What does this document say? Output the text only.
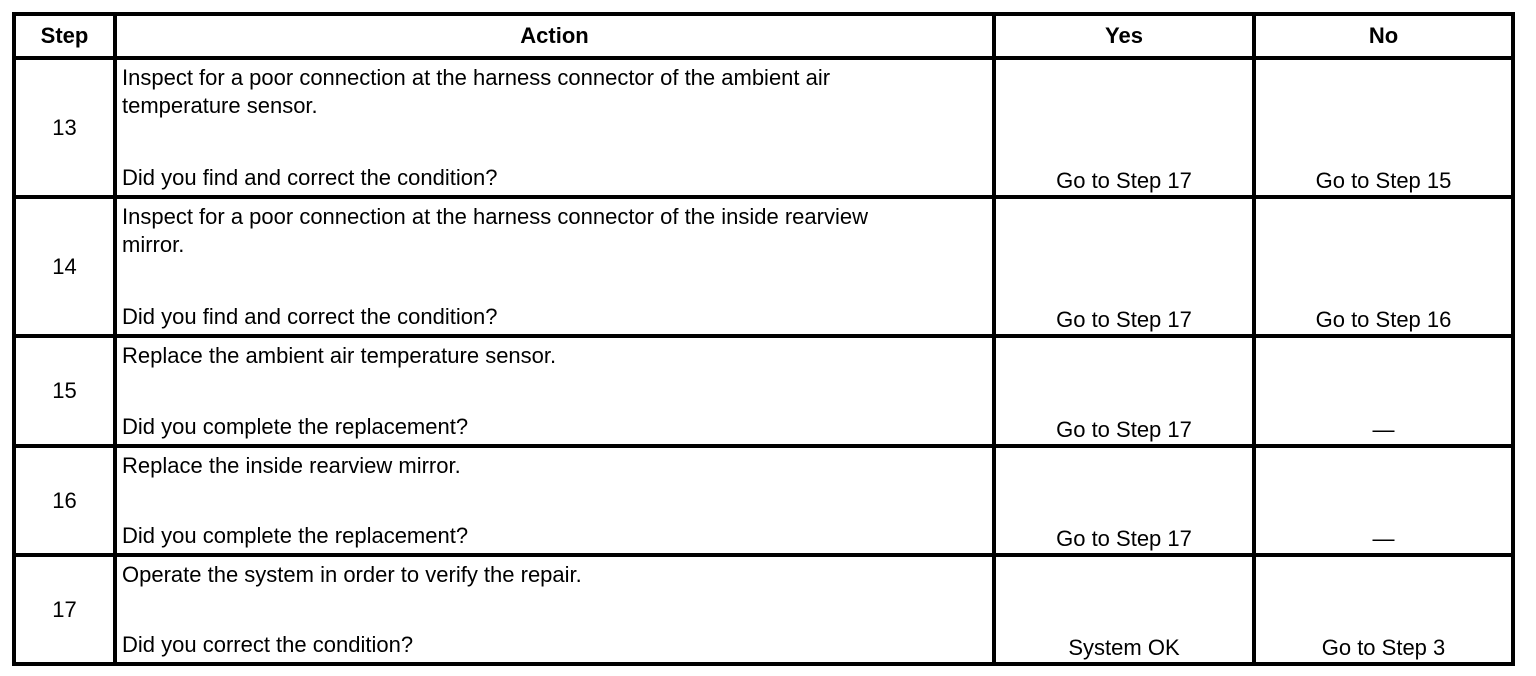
Step	Action	Yes	No
13	Inspect for a poor connection at the harness connector of the ambient air
temperature sensor.
Did you find and correct the condition?	Go to Step 17	Go to Step 15
14	Inspect for a poor connection at the harness connector of the inside rearview
mirror.
Did you find and correct the condition?	Go to Step 17	Go to Step 16
15	Replace the ambient air temperature sensor.
Did you complete the replacement?	Go to Step 17	—
16	Replace the inside rearview mirror.
Did you complete the replacement?	Go to Step 17	—
17	Operate the system in order to verify the repair.
Did you correct the condition?	System OK	Go to Step 3
